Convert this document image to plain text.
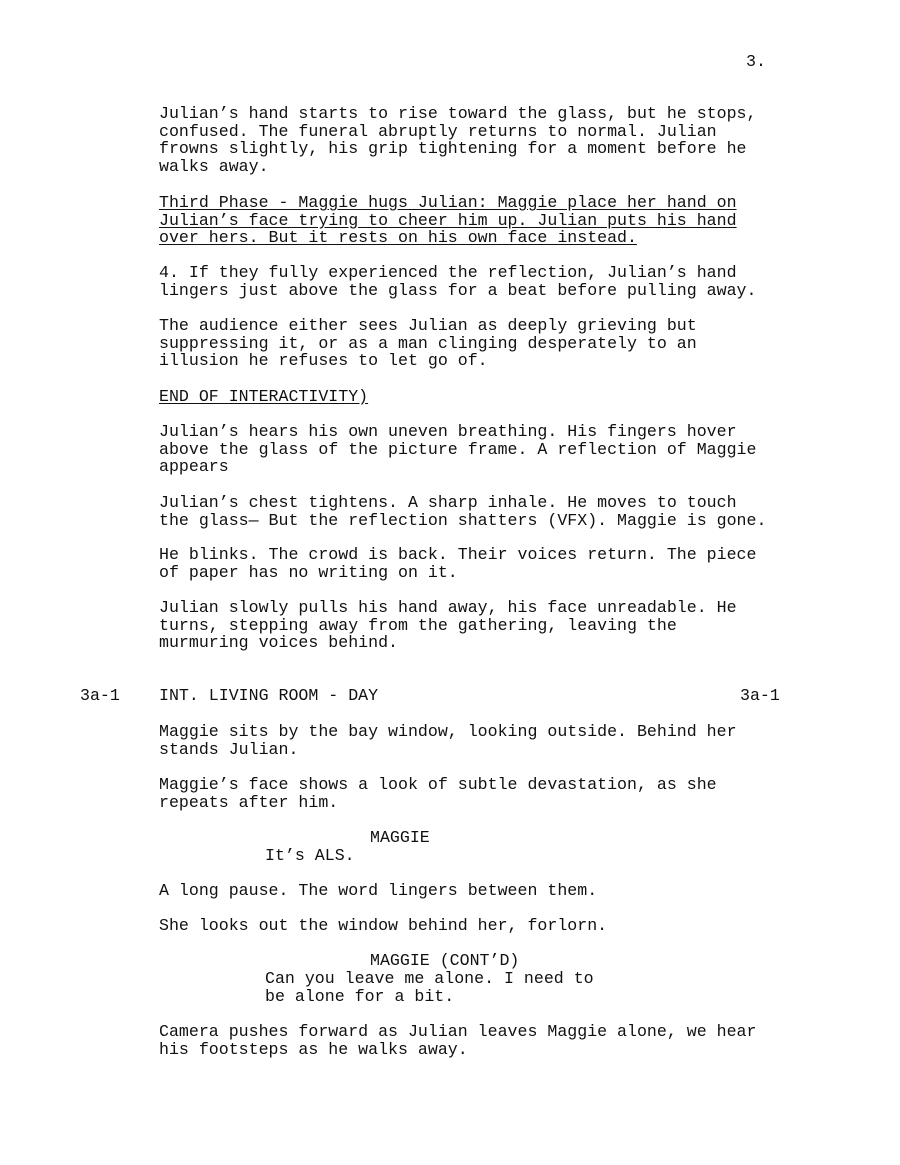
3.

Julian’s hand starts to rise toward the glass, but he stops,
confused. The funeral abruptly returns to normal. Julian
frowns slightly, his grip tightening for a moment before he
walks away.

Third Phase - Maggie hugs Julian: Maggie place her hand on
Julian’s face trying to cheer him up. Julian puts his hand
over hers. But it rests on his own face instead.

4. If they fully experienced the reflection, Julian’s hand
lingers just above the glass for a beat before pulling away.

The audience either sees Julian as deeply grieving but
suppressing it, or as a man clinging desperately to an
illusion he refuses to let go of.

END OF INTERACTIVITY)

Julian’s hears his own uneven breathing. His fingers hover
above the glass of the picture frame. A reflection of Maggie
appears

Julian’s chest tightens. A sharp inhale. He moves to touch
the glass— But the reflection shatters (VFX). Maggie is gone.

He blinks. The crowd is back. Their voices return. The piece
of paper has no writing on it.

Julian slowly pulls his hand away, his face unreadable. He
turns, stepping away from the gathering, leaving the
murmuring voices behind.

3a-1 INT. LIVING ROOM - DAY	3a-1

Maggie sits by the bay window, looking outside. Behind her
stands Julian.

Maggie’s face shows a look of subtle devastation, as she
repeats after him.

MAGGIE
It’s ALS.

A long pause. The word lingers between them.

She looks out the window behind her, forlorn.

MAGGIE (CONT’D)
Can you leave me alone. I need to
be alone for a bit.

Camera pushes forward as Julian leaves Maggie alone, we hear
his footsteps as he walks away.
